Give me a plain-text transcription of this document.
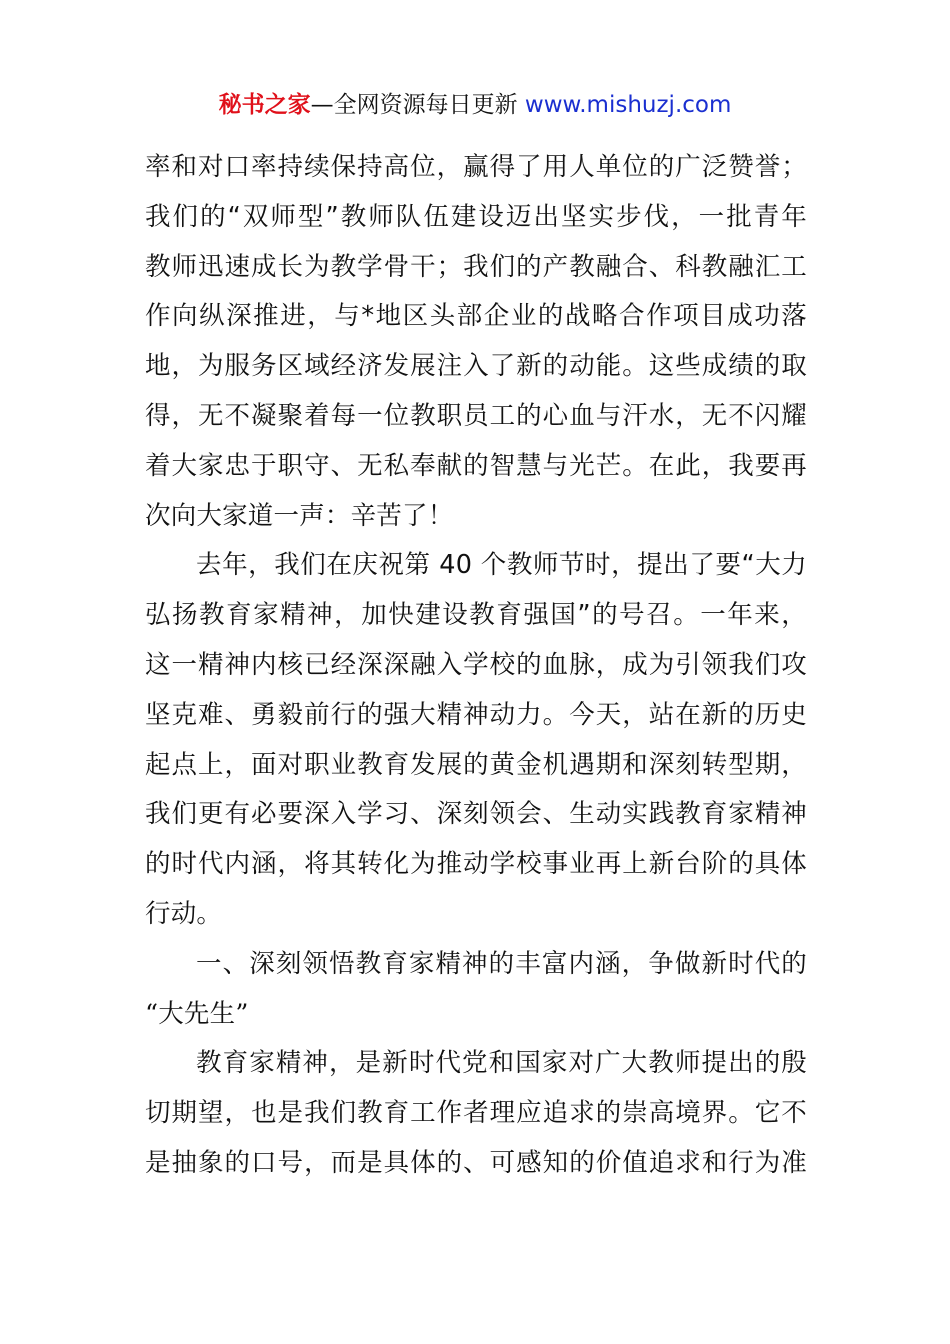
秘书之家—全网资源每日更新 www.mishuzj.com
率和对口率持续保持高位，赢得了用人单位的广泛赞誉；
我们的“双师型”教师队伍建设迈出坚实步伐，一批青年
教师迅速成长为教学骨干；我们的产教融合、科教融汇工
作向纵深推进，与*地区头部企业的战略合作项目成功落
地，为服务区域经济发展注入了新的动能。这些成绩的取
得，无不凝聚着每一位教职员工的心血与汗水，无不闪耀
着大家忠于职守、无私奉献的智慧与光芒。在此，我要再
次向大家道一声：辛苦了！
去年，我们在庆祝第 40 个教师节时，提出了要“大力
弘扬教育家精神，加快建设教育强国”的号召。一年来，
这一精神内核已经深深融入学校的血脉，成为引领我们攻
坚克难、勇毅前行的强大精神动力。今天，站在新的历史
起点上，面对职业教育发展的黄金机遇期和深刻转型期，
我们更有必要深入学习、深刻领会、生动实践教育家精神
的时代内涵，将其转化为推动学校事业再上新台阶的具体
行动。
一、深刻领悟教育家精神的丰富内涵，争做新时代的
“大先生”
教育家精神，是新时代党和国家对广大教师提出的殷
切期望，也是我们教育工作者理应追求的崇高境界。它不
是抽象的口号，而是具体的、可感知的价值追求和行为准
